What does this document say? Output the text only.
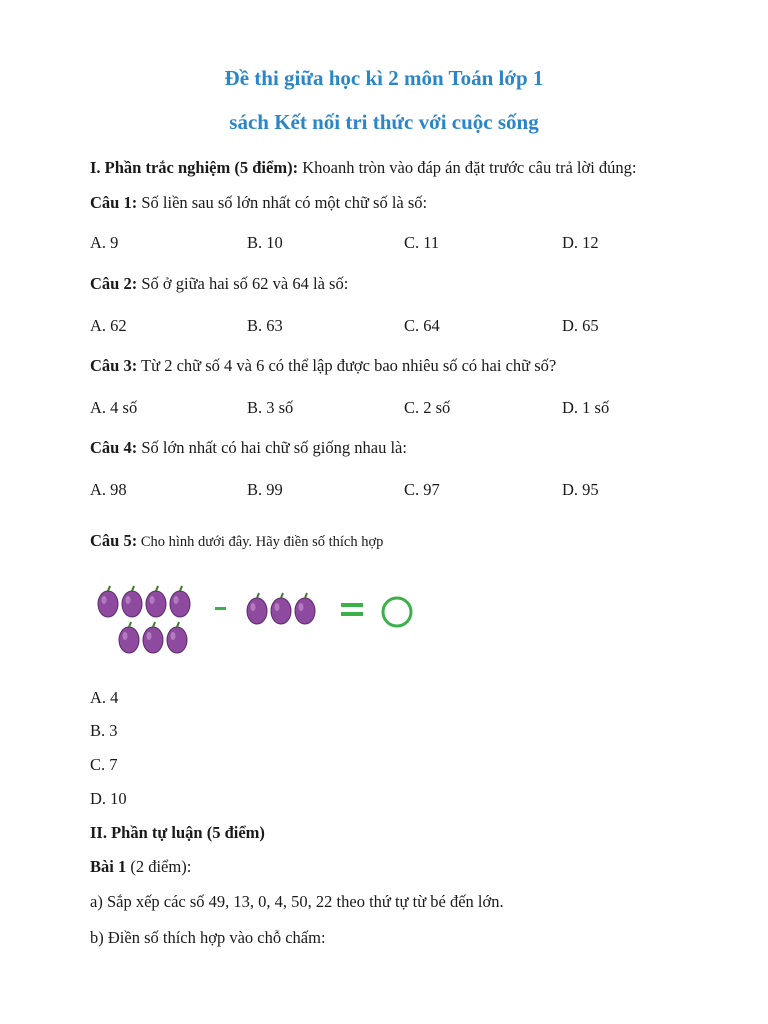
Đề thi giữa học kì 2 môn Toán lớp 1
sách Kết nối tri thức với cuộc sống
I. Phần trắc nghiệm (5 điểm): Khoanh tròn vào đáp án đặt trước câu trả lời đúng:
Câu 1: Số liền sau số lớn nhất có một chữ số là số:
A. 9	B. 10	C. 11	D. 12
Câu 2: Số ở giữa hai số 62 và 64 là số:
A. 62	B. 63	C. 64	D. 65
Câu 3: Từ 2 chữ số 4 và 6 có thể lập được bao nhiêu số có hai chữ số?
A. 4 số	B. 3 số	C. 2 số	D. 1 số
Câu 4: Số lớn nhất có hai chữ số giống nhau là:
A. 98	B. 99	C. 97	D. 95
Câu 5: Cho hình dưới đây. Hãy điền số thích hợp
A. 4
B. 3
C. 7
D. 10
II. Phần tự luận (5 điểm)
Bài 1 (2 điểm):
a) Sắp xếp các số 49, 13, 0, 4, 50, 22 theo thứ tự từ bé đến lớn.
b) Điền số thích hợp vào chỗ chấm:
